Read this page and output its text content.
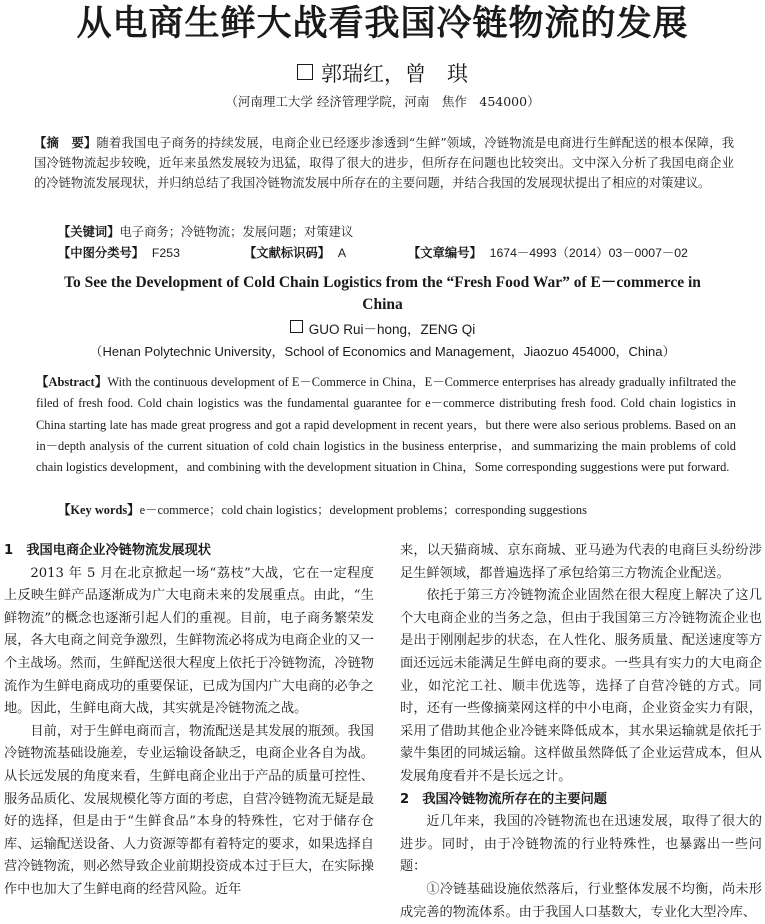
从电商生鲜大战看我国冷链物流的发展
郭瑞红，曾　琪
（河南理工大学 经济管理学院，河南　焦作　454000）
【摘　要】随着我国电子商务的持续发展，电商企业已经逐步渗透到“生鲜”领域，冷链物流是电商进行生鲜配送的根本保障，我国冷链物流起步较晚，近年来虽然发展较为迅猛，取得了很大的进步，但所存在问题也比较突出。文中深入分析了我国电商企业的冷链物流发展现状，并归纳总结了我国冷链物流发展中所存在的主要问题，并结合我国的发展现状提出了相应的对策建议。
【关键词】电子商务；冷链物流；发展问题；对策建议
【中图分类号】 F253	【文献标识码】 A	【文章编号】 1674－4993（2014）03－0007－02
To See the Development of Cold Chain Logistics from the “Fresh Food War” of E－commerce in China
GUO Rui－hong，ZENG Qi
（Henan Polytechnic University，School of Economics and Management，Jiaozuo 454000，China）
【Abstract】With the continuous development of E－Commerce in China，E－Commerce enterprises has already gradually infiltrated the filed of fresh food. Cold chain logistics was the fundamental guarantee for e－commerce distributing fresh food. Cold chain logistics in China starting late has made great progress and got a rapid development in recent years，but there were also serious problems. Based on an in－depth analysis of the current situation of cold chain logistics in the business enterprise，and summarizing the main problems of cold chain logistics development，and combining with the development situation in China，Some corresponding suggestions were put forward.
【Key words】e－commerce；cold chain logistics；development problems；corresponding suggestions
1　我国电商企业冷链物流发展现状

2013 年 5 月在北京掀起一场“荔枝”大战，它在一定程度上反映生鲜产品逐渐成为广大电商未来的发展重点。由此，“生鲜物流”的概念也逐渐引起人们的重视。目前，电子商务繁荣发展，各大电商之间竞争激烈，生鲜物流必将成为电商企业的又一个主战场。然而，生鲜配送很大程度上依托于冷链物流，冷链物流作为生鲜电商成功的重要保证，已成为国内广大电商的必争之地。因此，生鲜电商大战，其实就是冷链物流之战。

目前，对于生鲜电商而言，物流配送是其发展的瓶颈。我国冷链物流基础设施差，专业运输设备缺乏，电商企业各自为战。从长远发展的角度来看，生鲜电商企业出于产品的质量可控性、服务品质化、发展规模化等方面的考虑，自营冷链物流无疑是最好的选择，但是由于“生鲜食品”本身的特殊性，它对于储存仓库、运输配送设备、人力资源等都有着特定的要求，如果选择自营冷链物流，则必然导致企业前期投资成本过于巨大，在实际操作中也加大了生鲜电商的经营风险。近年

来，以天猫商城、京东商城、亚马逊为代表的电商巨头纷纷涉足生鲜领域，都普遍选择了承包给第三方物流企业配送。

依托于第三方冷链物流企业固然在很大程度上解决了这几个大电商企业的当务之急，但由于我国第三方冷链物流企业也是出于刚刚起步的状态，在人性化、服务质量、配送速度等方面还远远未能满足生鲜电商的要求。一些具有实力的大电商企业，如沱沱工社、顺丰优选等，选择了自营冷链的方式。同时，还有一些像摘菜网这样的中小电商，企业资金实力有限，采用了借助其他企业冷链来降低成本，其水果运输就是依托于蒙牛集团的同城运输。这样做虽然降低了企业运营成本，但从发展角度看并不是长远之计。

2　我国冷链物流所存在的主要问题

近几年来，我国的冷链物流也在迅速发展，取得了很大的进步。同时，由于冷链物流的行业特殊性，也暴露出一些问题：

①冷链基础设施依然落后，行业整体发展不均衡，尚未形成完善的物流体系。由于我国人口基数大，专业化大型冷库、
